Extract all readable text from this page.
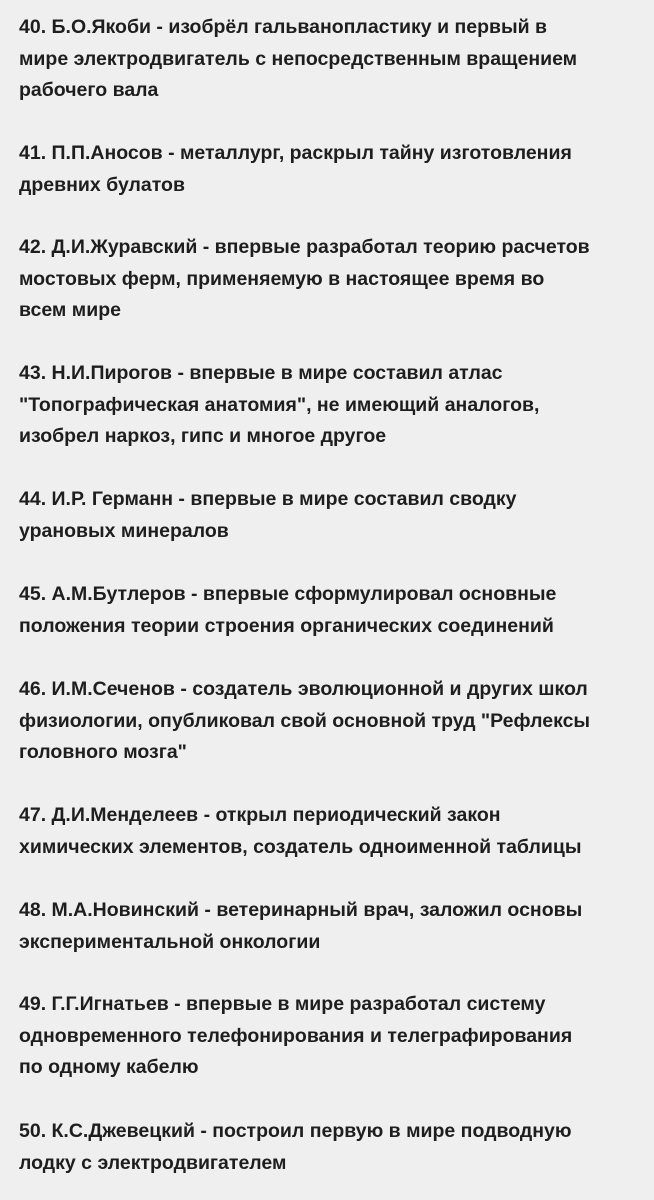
40. Б.О.Якоби - изобрёл гальванопластику и первый в
мире электродвигатель с непосредственным вращением
рабочего вала

41. П.П.Аносов - металлург, раскрыл тайну изготовления
древних булатов

42. Д.И.Журавский - впервые разработал теорию расчетов
мостовых ферм, применяемую в настоящее время во
всем мире

43. Н.И.Пирогов - впервые в мире составил атлас
"Топографическая анатомия", не имеющий аналогов,
изобрел наркоз, гипс и многое другое

44. И.Р. Германн - впервые в мире составил сводку
урановых минералов

45. А.М.Бутлеров - впервые сформулировал основные
положения теории строения органических соединений

46. И.М.Сеченов - создатель эволюционной и других школ
физиологии, опубликовал свой основной труд "Рефлексы
головного мозга"

47. Д.И.Менделеев - открыл периодический закон
химических элементов, создатель одноименной таблицы

48. М.А.Новинский - ветеринарный врач, заложил основы
экспериментальной онкологии

49. Г.Г.Игнатьев - впервые в мире разработал систему
одновременного телефонирования и телеграфирования
по одному кабелю

50. К.С.Джевецкий - построил первую в мире подводную
лодку с электродвигателем
